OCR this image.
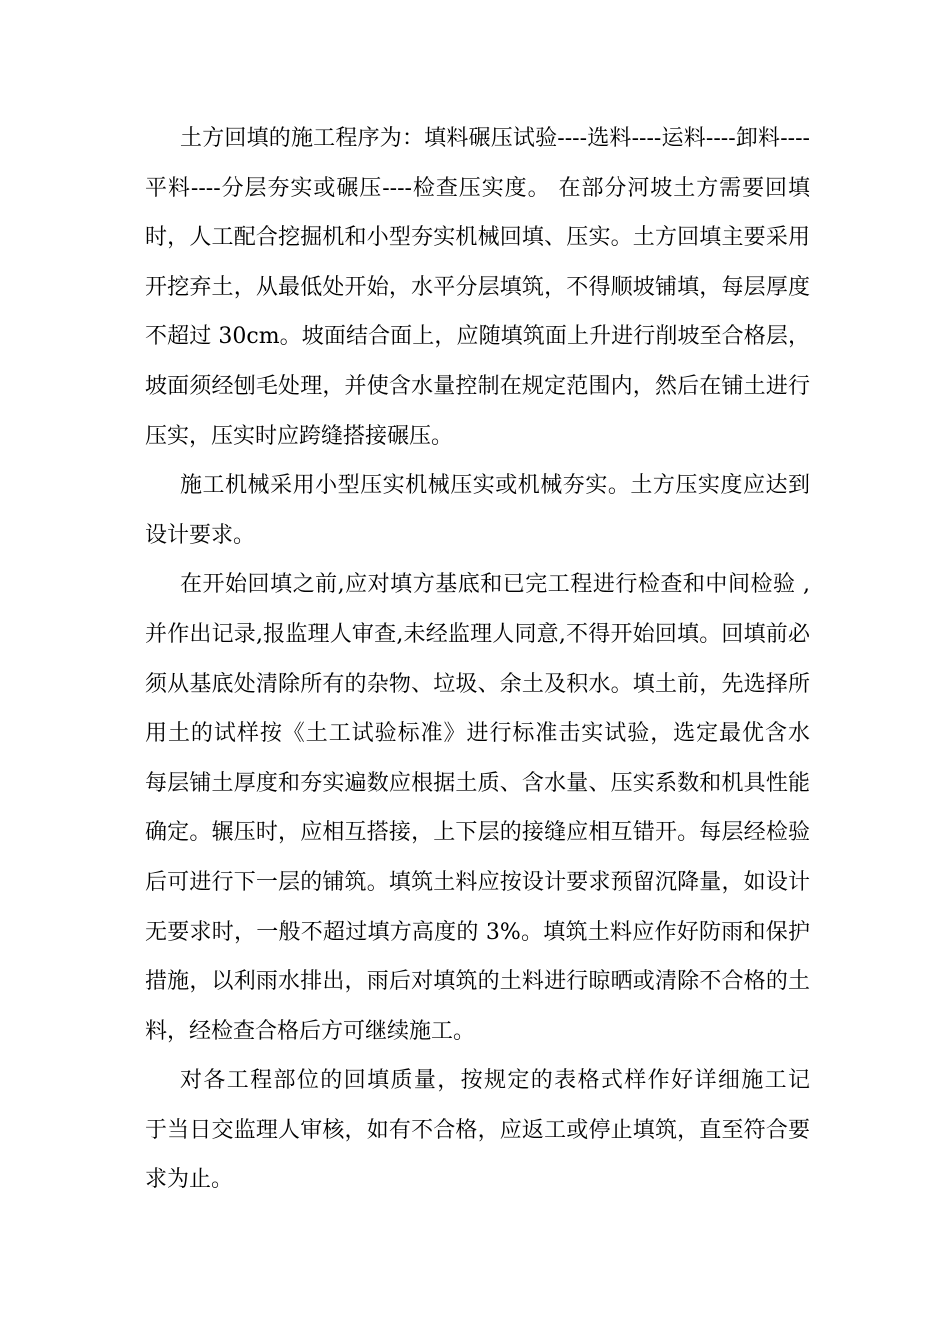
土方回填的施工程序为：填料碾压试验----选料----运料----卸料----
平料----分层夯实或碾压----检查压实度。 在部分河坡土方需要回填
时，人工配合挖掘机和小型夯实机械回填、压实。土方回填主要采用
开挖弃土，从最低处开始，水平分层填筑，不得顺坡铺填，每层厚度
不超过 30cm。坡面结合面上，应随填筑面上升进行削坡至合格层，
坡面须经刨毛处理，并使含水量控制在规定范围内，然后在铺土进行
压实，压实时应跨缝搭接碾压。
施工机械采用小型压实机械压实或机械夯实。土方压实度应达到
设计要求。
在开始回填之前,应对填方基底和已完工程进行检查和中间检验 ,
并作出记录,报监理人审查,未经监理人同意,不得开始回填。回填前必
须从基底处清除所有的杂物、垃圾、余土及积水。填土前，先选择所
用土的试样按《土工试验标准》进行标准击实试验，选定最优含水
每层铺土厚度和夯实遍数应根据土质、含水量、压实系数和机具性能
确定。辗压时，应相互搭接，上下层的接缝应相互错开。每层经检验
后可进行下一层的铺筑。填筑土料应按设计要求预留沉降量，如设计
无要求时，一般不超过填方高度的 3%。填筑土料应作好防雨和保护
措施，以利雨水排出，雨后对填筑的土料进行晾晒或清除不合格的土
料，经检查合格后方可继续施工。
对各工程部位的回填质量，按规定的表格式样作好详细施工记
于当日交监理人审核，如有不合格，应返工或停止填筑，直至符合要
求为止。
